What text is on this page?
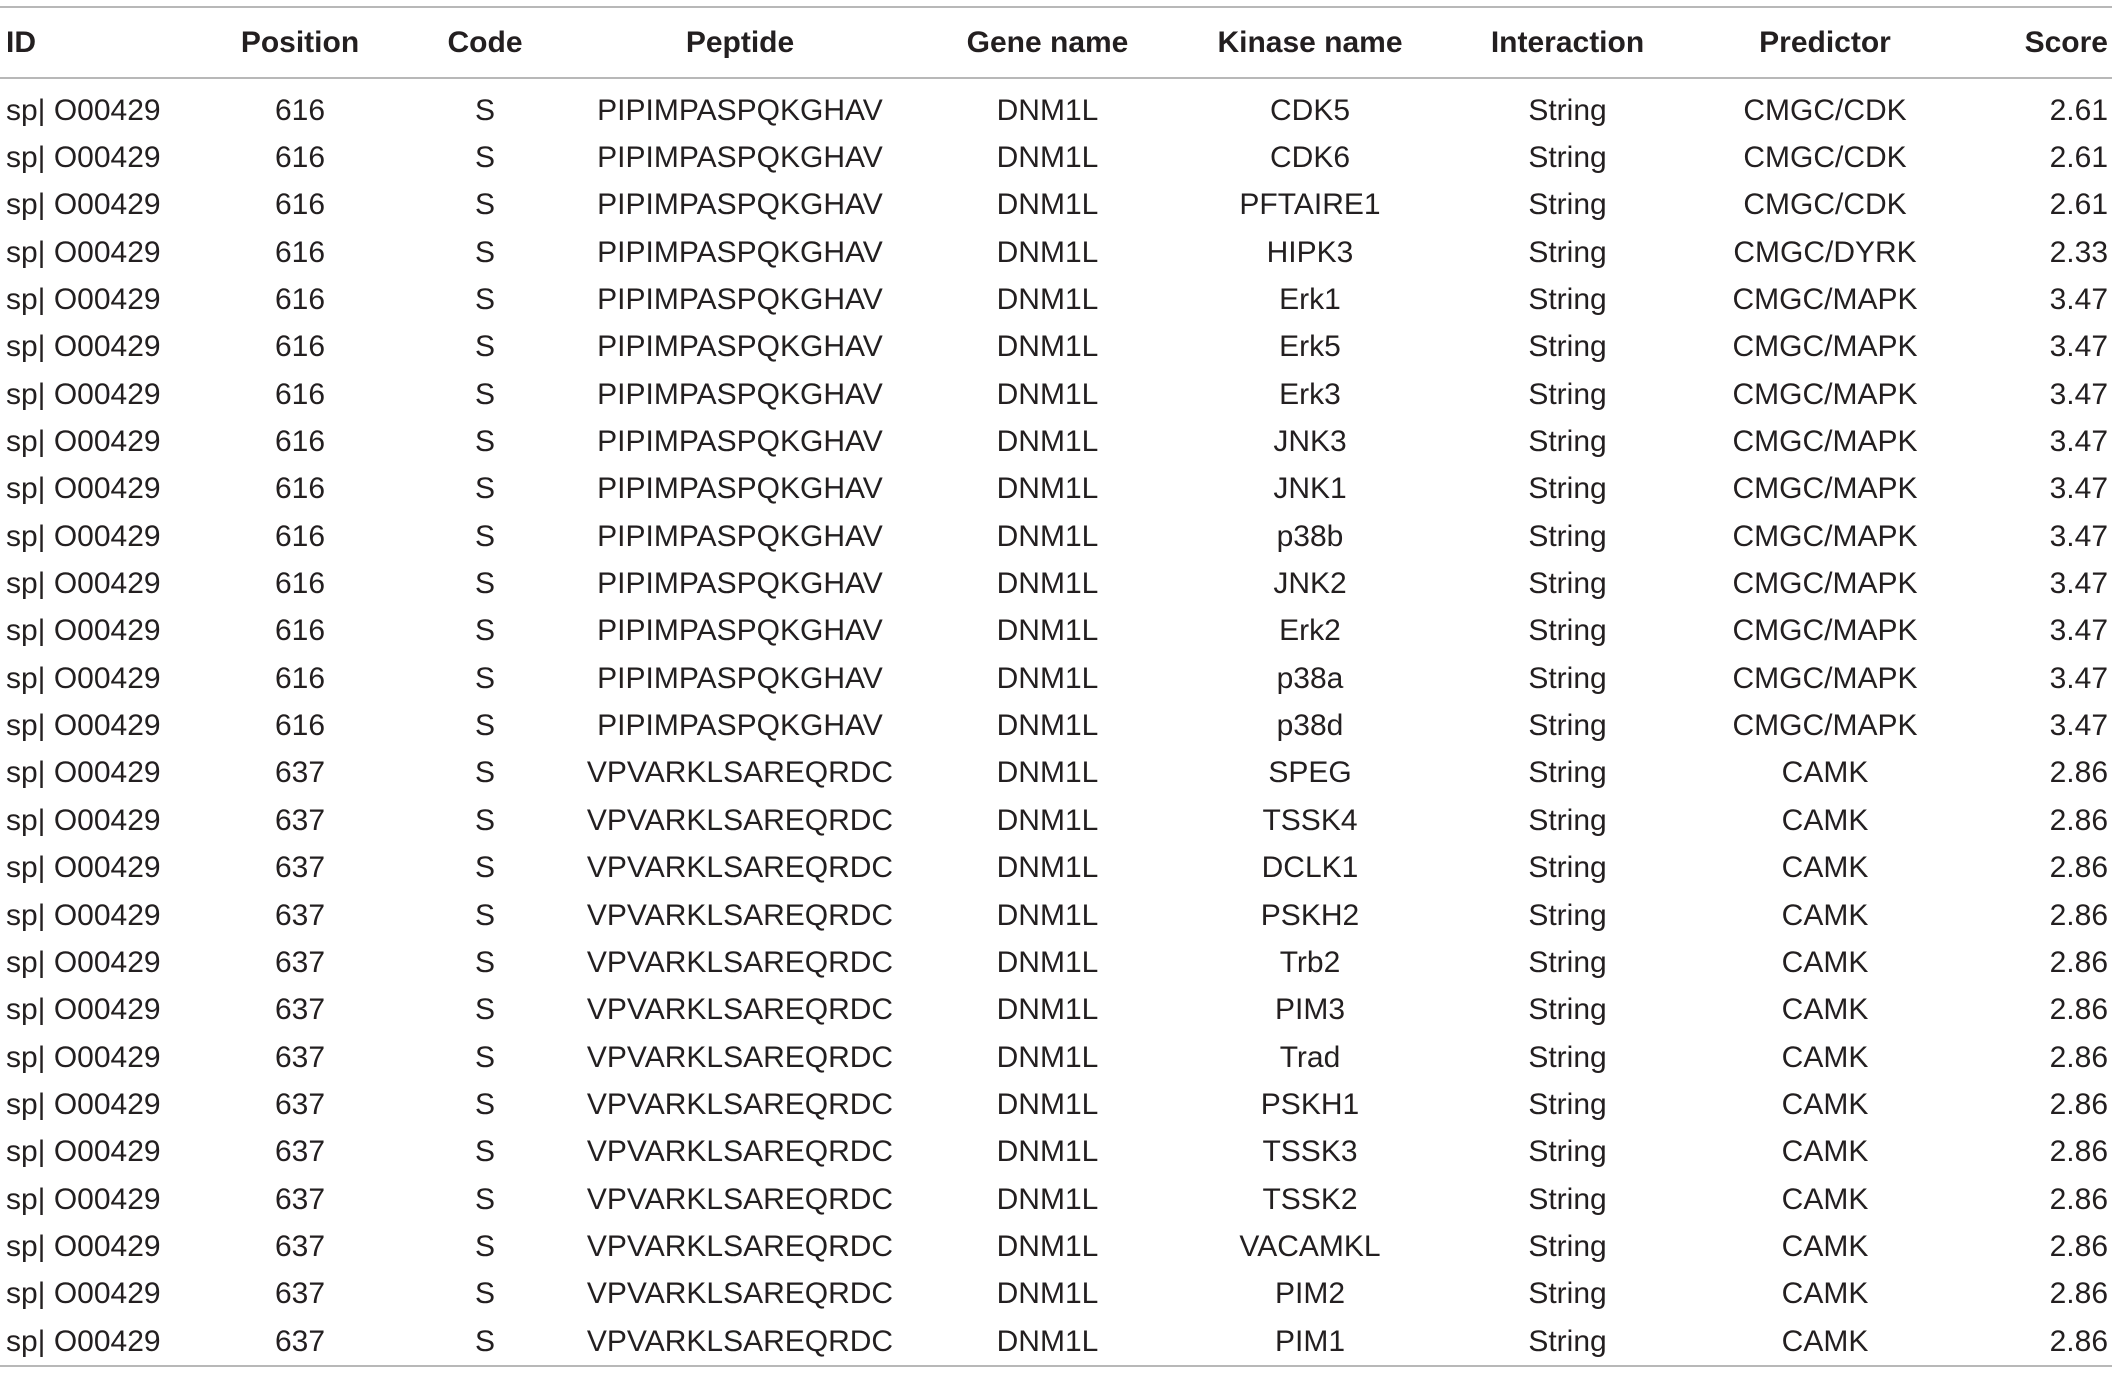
ID	Position	Code	Peptide	Gene name	Kinase name	Interaction	Predictor	Score
sp| O00429	616	S	PIPIMPASPQKGHAV	DNM1L	CDK5	String	CMGC/CDK	2.61
sp| O00429	616	S	PIPIMPASPQKGHAV	DNM1L	CDK6	String	CMGC/CDK	2.61
sp| O00429	616	S	PIPIMPASPQKGHAV	DNM1L	PFTAIRE1	String	CMGC/CDK	2.61
sp| O00429	616	S	PIPIMPASPQKGHAV	DNM1L	HIPK3	String	CMGC/DYRK	2.33
sp| O00429	616	S	PIPIMPASPQKGHAV	DNM1L	Erk1	String	CMGC/MAPK	3.47
sp| O00429	616	S	PIPIMPASPQKGHAV	DNM1L	Erk5	String	CMGC/MAPK	3.47
sp| O00429	616	S	PIPIMPASPQKGHAV	DNM1L	Erk3	String	CMGC/MAPK	3.47
sp| O00429	616	S	PIPIMPASPQKGHAV	DNM1L	JNK3	String	CMGC/MAPK	3.47
sp| O00429	616	S	PIPIMPASPQKGHAV	DNM1L	JNK1	String	CMGC/MAPK	3.47
sp| O00429	616	S	PIPIMPASPQKGHAV	DNM1L	p38b	String	CMGC/MAPK	3.47
sp| O00429	616	S	PIPIMPASPQKGHAV	DNM1L	JNK2	String	CMGC/MAPK	3.47
sp| O00429	616	S	PIPIMPASPQKGHAV	DNM1L	Erk2	String	CMGC/MAPK	3.47
sp| O00429	616	S	PIPIMPASPQKGHAV	DNM1L	p38a	String	CMGC/MAPK	3.47
sp| O00429	616	S	PIPIMPASPQKGHAV	DNM1L	p38d	String	CMGC/MAPK	3.47
sp| O00429	637	S	VPVARKLSAREQRDC	DNM1L	SPEG	String	CAMK	2.86
sp| O00429	637	S	VPVARKLSAREQRDC	DNM1L	TSSK4	String	CAMK	2.86
sp| O00429	637	S	VPVARKLSAREQRDC	DNM1L	DCLK1	String	CAMK	2.86
sp| O00429	637	S	VPVARKLSAREQRDC	DNM1L	PSKH2	String	CAMK	2.86
sp| O00429	637	S	VPVARKLSAREQRDC	DNM1L	Trb2	String	CAMK	2.86
sp| O00429	637	S	VPVARKLSAREQRDC	DNM1L	PIM3	String	CAMK	2.86
sp| O00429	637	S	VPVARKLSAREQRDC	DNM1L	Trad	String	CAMK	2.86
sp| O00429	637	S	VPVARKLSAREQRDC	DNM1L	PSKH1	String	CAMK	2.86
sp| O00429	637	S	VPVARKLSAREQRDC	DNM1L	TSSK3	String	CAMK	2.86
sp| O00429	637	S	VPVARKLSAREQRDC	DNM1L	TSSK2	String	CAMK	2.86
sp| O00429	637	S	VPVARKLSAREQRDC	DNM1L	VACAMKL	String	CAMK	2.86
sp| O00429	637	S	VPVARKLSAREQRDC	DNM1L	PIM2	String	CAMK	2.86
sp| O00429	637	S	VPVARKLSAREQRDC	DNM1L	PIM1	String	CAMK	2.86
